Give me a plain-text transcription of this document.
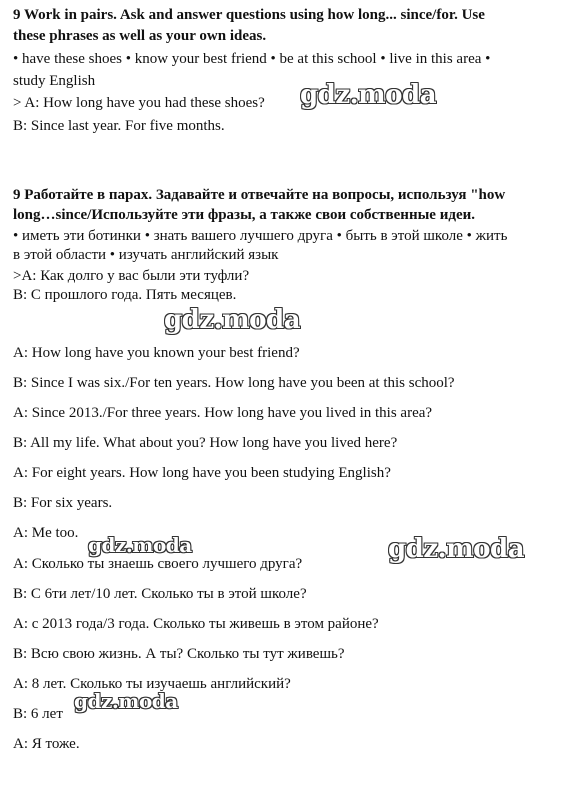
9 Work in pairs. Ask and answer questions using how long... since/for. Use
these phrases as well as your own ideas.
• have these shoes • know your best friend • be at this school • live in this area •
study English
> A: How long have you had these shoes?
B: Since last year. For five months.
9 Работайте в парах. Задавайте и отвечайте на вопросы, используя "how
long…since/Используйте эти фразы, а также свои собственные идеи.
• иметь эти ботинки • знать вашего лучшего друга • быть в этой школе • жить
в этой области • изучать английский язык
>A: Как долго у вас были эти туфли?
B: С прошлого года. Пять месяцев.
A: How long have you known your best friend?
B: Since I was six./For ten years. How long have you been at this school?
A: Since 2013./For three years. How long have you lived in this area?
B: All my life. What about you? How long have you lived here?
A: For eight years. How long have you been studying English?
B: For six years.
A: Me too.
A: Сколько ты знаешь своего лучшего друга?
B: С 6ти лет/10 лет. Сколько ты в этой школе?
A: с 2013 года/3 года. Сколько ты живешь в этом районе?
B: Всю свою жизнь. А ты? Сколько ты тут живешь?
A: 8 лет. Сколько ты изучаешь английский?
B: 6 лет
A: Я тоже.
gdz.moda
gdz.moda
gdz.moda
gdz.moda
gdz.moda
